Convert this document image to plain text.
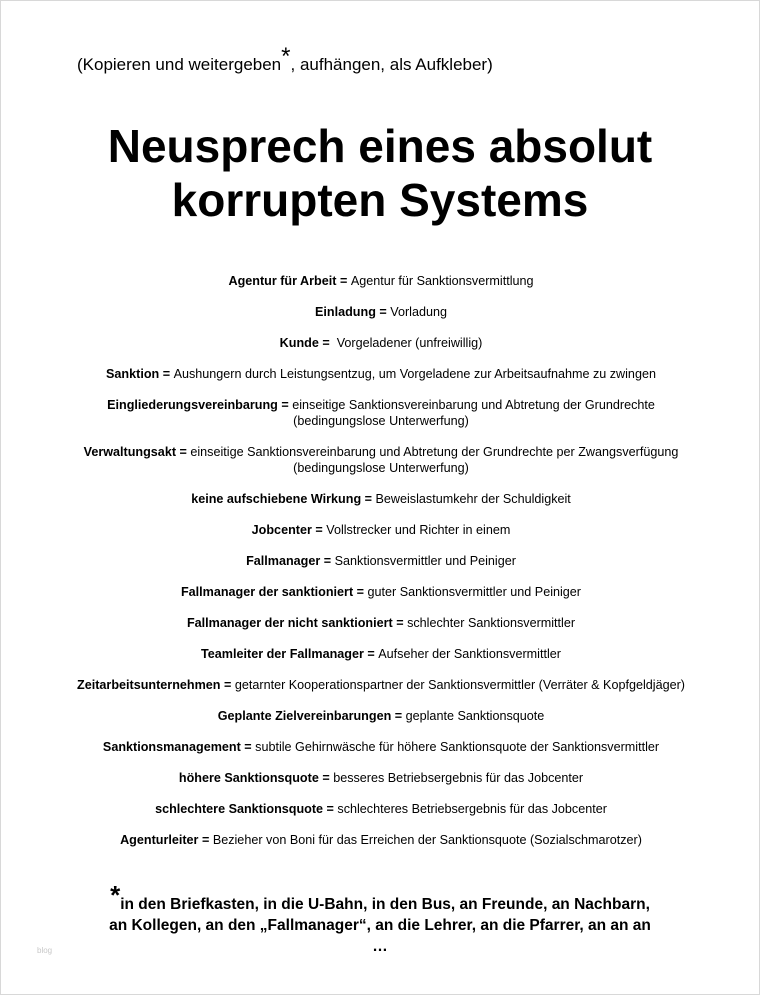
(Kopieren und weitergeben*, aufhängen, als Aufkleber)
Neusprech eines absolut
korrupten Systems
Agentur für Arbeit = Agentur für Sanktionsvermittlung
Einladung = Vorladung
Kunde =  Vorgeladener (unfreiwillig)
Sanktion = Aushungern durch Leistungsentzug, um Vorgeladene zur Arbeitsaufnahme zu zwingen
Eingliederungsvereinbarung = einseitige Sanktionsvereinbarung und Abtretung der Grundrechte (bedingungslose Unterwerfung)
Verwaltungsakt = einseitige Sanktionsvereinbarung und Abtretung der Grundrechte per Zwangsverfügung (bedingungslose Unterwerfung)
keine aufschiebene Wirkung = Beweislastumkehr der Schuldigkeit
Jobcenter = Vollstrecker und Richter in einem
Fallmanager = Sanktionsvermittler und Peiniger
Fallmanager der sanktioniert = guter Sanktionsvermittler und Peiniger
Fallmanager der nicht sanktioniert = schlechter Sanktionsvermittler
Teamleiter der Fallmanager = Aufseher der Sanktionsvermittler
Zeitarbeitsunternehmen = getarnter Kooperationspartner der Sanktionsvermittler (Verräter & Kopfgeldjäger)
Geplante Zielvereinbarungen = geplante Sanktionsquote
Sanktionsmanagement = subtile Gehirnwäsche für höhere Sanktionsquote der Sanktionsvermittler
höhere Sanktionsquote = besseres Betriebsergebnis für das Jobcenter
schlechtere Sanktionsquote = schlechteres Betriebsergebnis für das Jobcenter
Agenturleiter = Bezieher von Boni für das Erreichen der Sanktionsquote (Sozialschmarotzer)
*in den Briefkasten, in die U-Bahn, in den Bus, an Freunde, an Nachbarn, an Kollegen, an den „Fallmanager“, an die Lehrer, an die Pfarrer, an an an …
blog
